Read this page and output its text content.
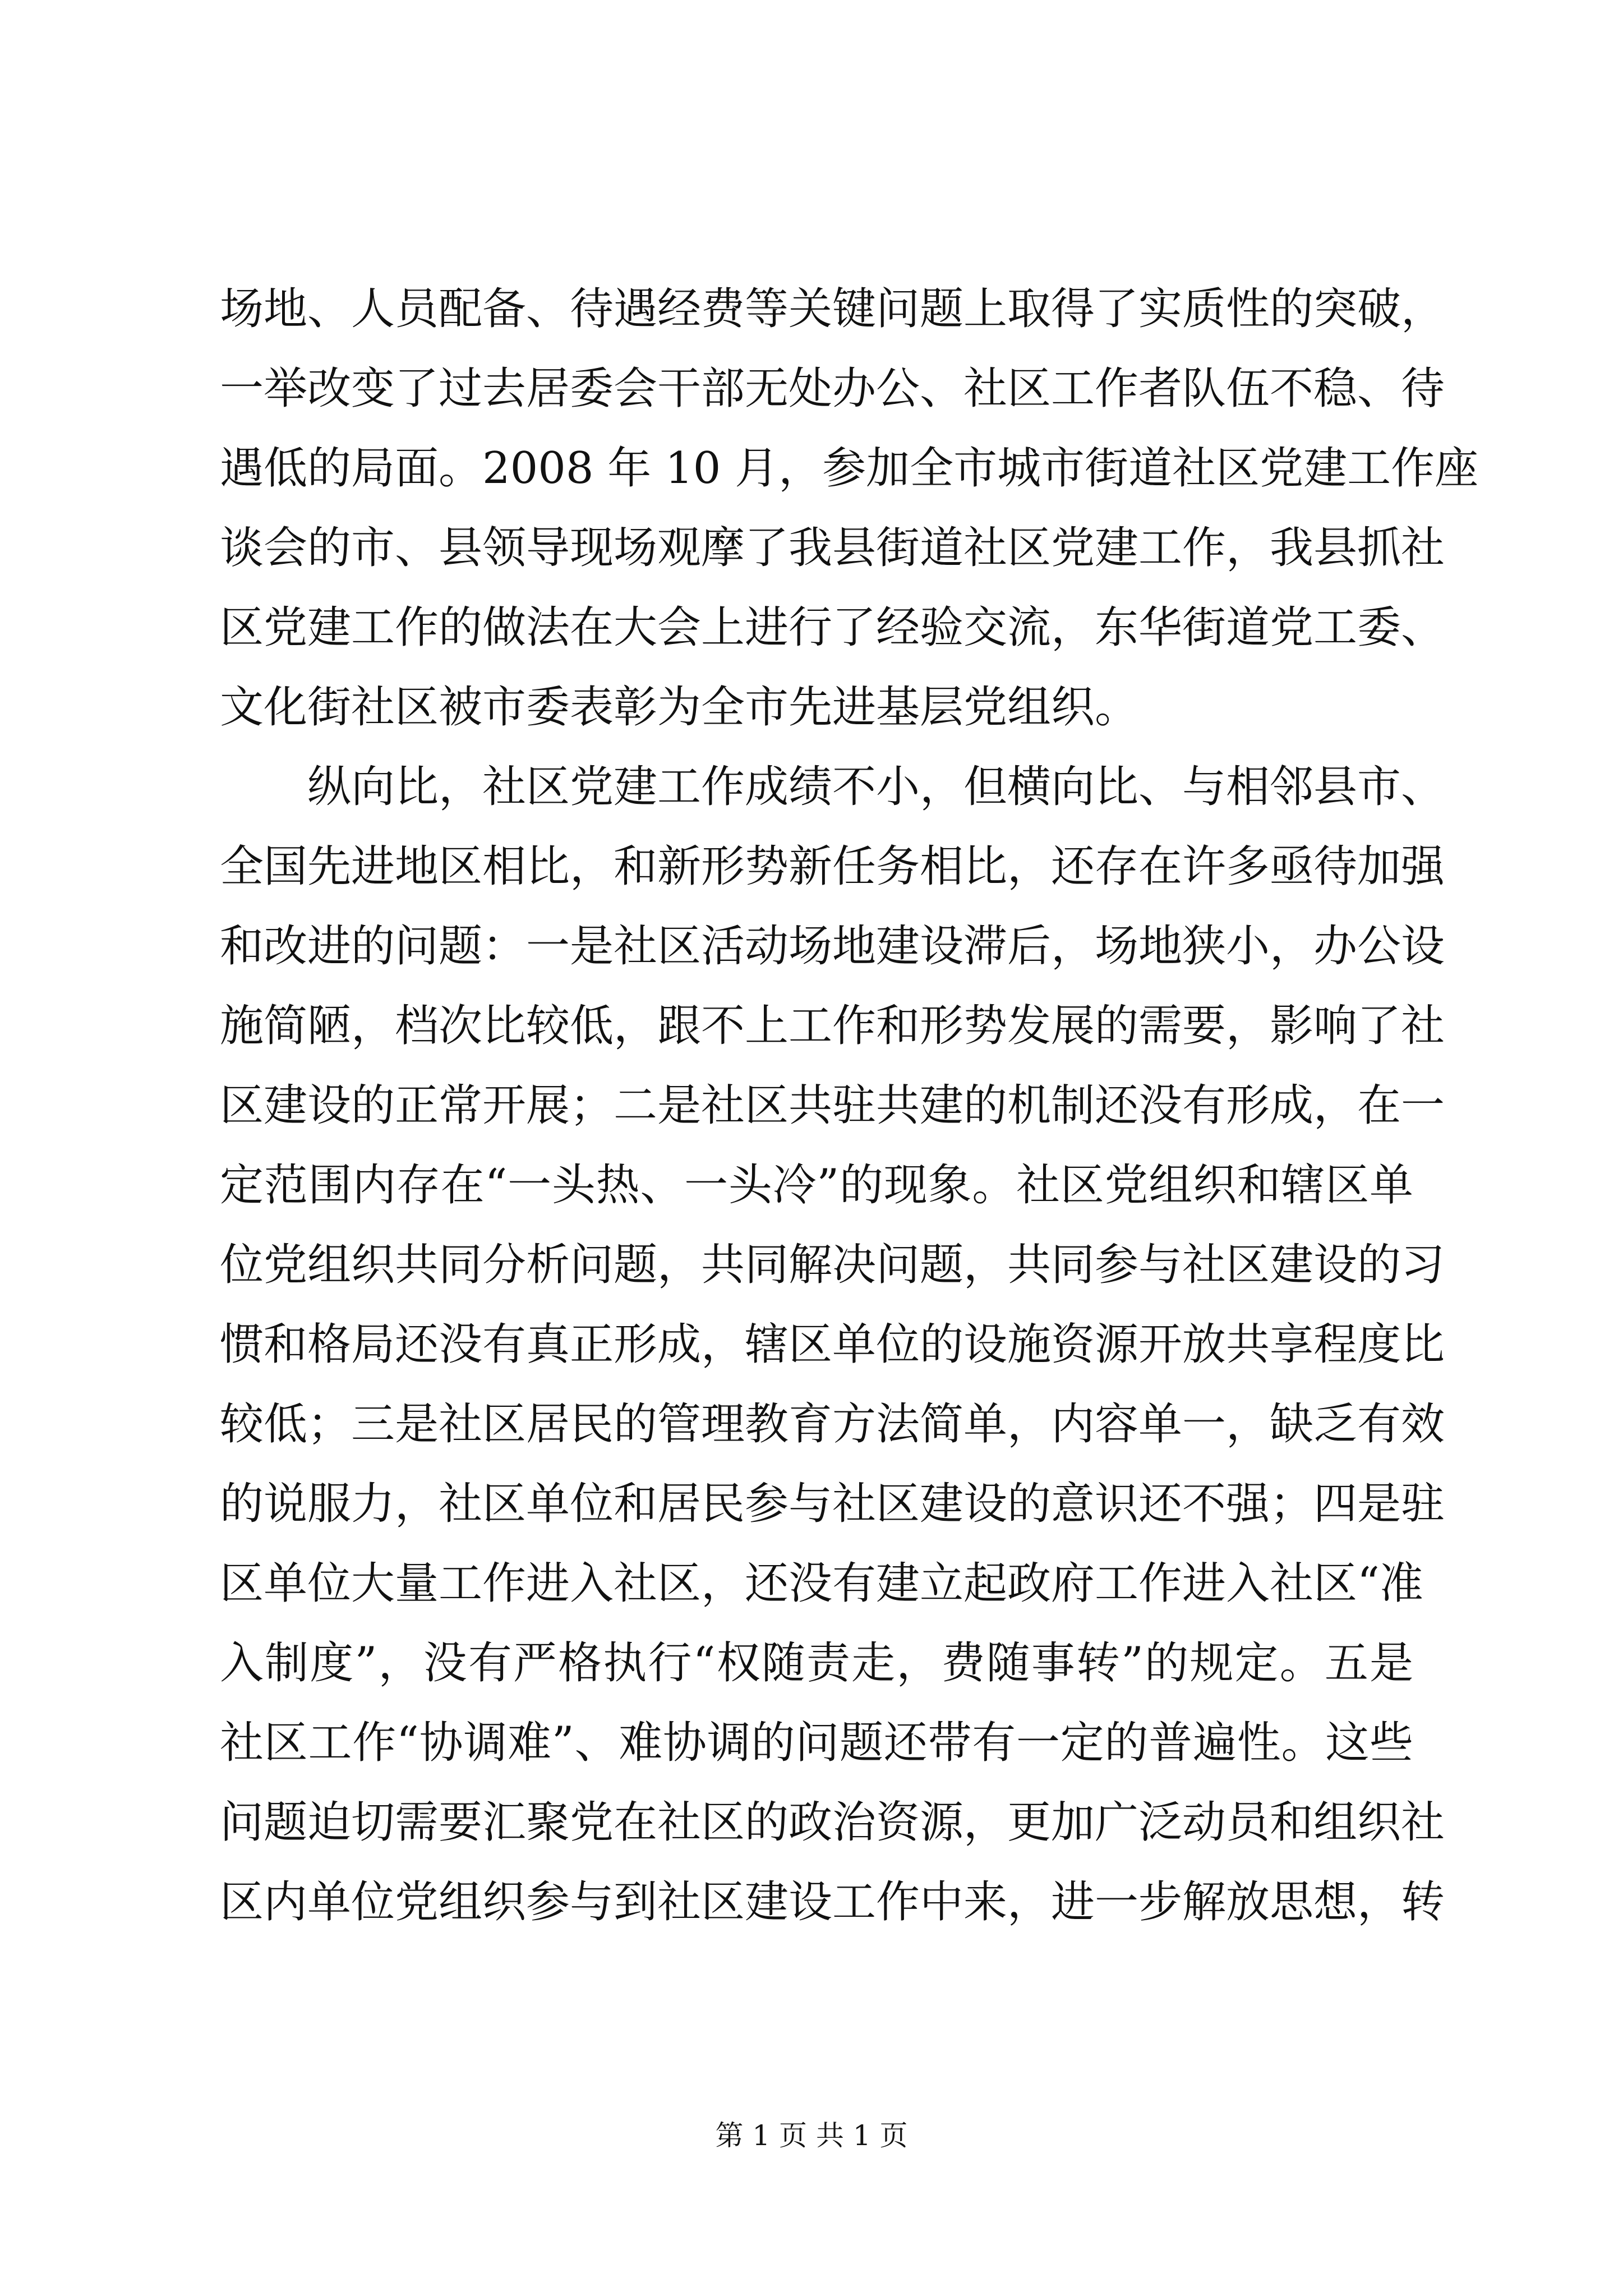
场地、人员配备、待遇经费等关键问题上取得了实质性的突破，
一举改变了过去居委会干部无处办公、社区工作者队伍不稳、待
遇低的局面。2008 年 10 月，参加全市城市街道社区党建工作座
谈会的市、县领导现场观摩了我县街道社区党建工作，我县抓社
区党建工作的做法在大会上进行了经验交流，东华街道党工委、
文化街社区被市委表彰为全市先进基层党组织。
纵向比，社区党建工作成绩不小，但横向比、与相邻县市、
全国先进地区相比，和新形势新任务相比，还存在许多亟待加强
和改进的问题：一是社区活动场地建设滞后，场地狭小，办公设
施简陋，档次比较低，跟不上工作和形势发展的需要，影响了社
区建设的正常开展；二是社区共驻共建的机制还没有形成，在一
定范围内存在“一头热、一头冷”的现象。社区党组织和辖区单
位党组织共同分析问题，共同解决问题，共同参与社区建设的习
惯和格局还没有真正形成，辖区单位的设施资源开放共享程度比
较低；三是社区居民的管理教育方法简单，内容单一，缺乏有效
的说服力，社区单位和居民参与社区建设的意识还不强；四是驻
区单位大量工作进入社区，还没有建立起政府工作进入社区“准
入制度”，没有严格执行“权随责走，费随事转”的规定。五是
社区工作“协调难”、难协调的问题还带有一定的普遍性。这些
问题迫切需要汇聚党在社区的政治资源，更加广泛动员和组织社
区内单位党组织参与到社区建设工作中来，进一步解放思想，转
第 1 页 共 1 页
